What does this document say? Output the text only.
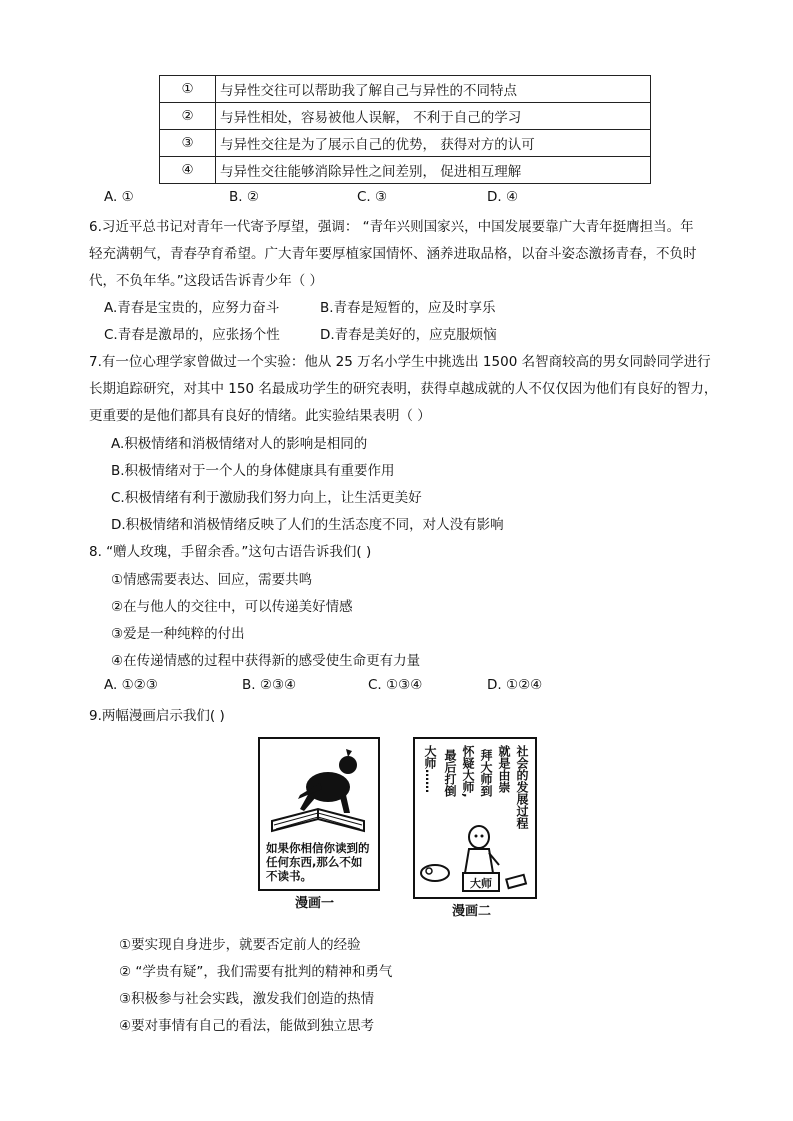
①	与异性交往可以帮助我了解自己与异性的不同特点
②	与异性相处，容易被他人误解， 不利于自己的学习
③	与异性交往是为了展示自己的优势， 获得对方的认可
④	与异性交往能够消除异性之间差别， 促进相互理解
A. ①	B. ②	C. ③	D. ④
6.习近平总书记对青年一代寄予厚望，强调： “青年兴则国家兴，中国发展要靠广大青年挺膺担当。年
轻充满朝气，青春孕育希望。广大青年要厚植家国情怀、涵养进取品格，以奋斗姿态激扬青春，不负时
代，不负年华。”这段话告诉青少年（ ）
A.青春是宝贵的，应努力奋斗	B.青春是短暂的，应及时享乐
C.青春是激昂的，应张扬个性	D.青春是美好的，应克服烦恼
7.有一位心理学家曾做过一个实验：他从 25 万名小学生中挑选出 1500 名智商较高的男女同龄同学进行
长期追踪研究，对其中 150 名最成功学生的研究表明，获得卓越成就的人不仅仅因为他们有良好的智力，
更重要的是他们都具有良好的情绪。此实验结果表明（ ）
A.积极情绪和消极情绪对人的影响是相同的
B.积极情绪对于一个人的身体健康具有重要作用
C.积极情绪有利于激励我们努力向上，让生活更美好
D.积极情绪和消极情绪反映了人们的生活态度不同，对人没有影响
8. “赠人玫瑰，手留余香。”这句古语告诉我们( )
①情感需要表达、回应，需要共鸣
②在与他人的交往中，可以传递美好情感
③爱是一种纯粹的付出
④在传递情感的过程中获得新的感受使生命更有力量
A. ①②③	B. ②③④	C. ①③④	D. ①②④
9.两幅漫画启示我们( )
如果你相信你读到的任何东西,那么不如不读书。
漫画一
社会的发展过程
就是由崇
拜大师到
怀疑大师,
最后打倒
大师……
大师
漫画二
①要实现自身进步，就要否定前人的经验
② “学贵有疑”，我们需要有批判的精神和勇气
③积极参与社会实践，激发我们创造的热情
④要对事情有自己的看法，能做到独立思考
